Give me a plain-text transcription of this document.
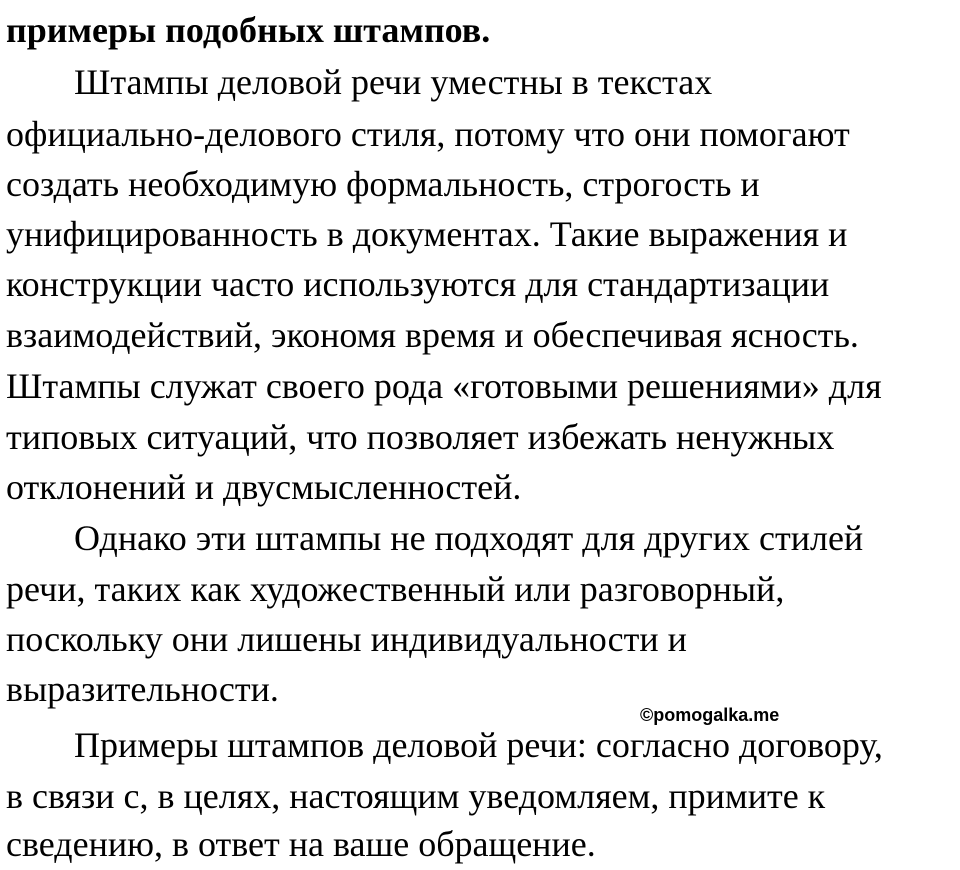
примеры подобных штампов.
Штампы деловой речи уместны в текстах
официально-делового стиля, потому что они помогают
создать необходимую формальность, строгость и
унифицированность в документах. Такие выражения и
конструкции часто используются для стандартизации
взаимодействий, экономя время и обеспечивая ясность.
Штампы служат своего рода «готовыми решениями» для
типовых ситуаций, что позволяет избежать ненужных
отклонений и двусмысленностей.
Однако эти штампы не подходят для других стилей
речи, таких как художественный или разговорный,
поскольку они лишены индивидуальности и
выразительности.
Примеры штампов деловой речи: согласно договору,
в связи с, в целях, настоящим уведомляем, примите к
сведению, в ответ на ваше обращение.
©pomogalka.me
